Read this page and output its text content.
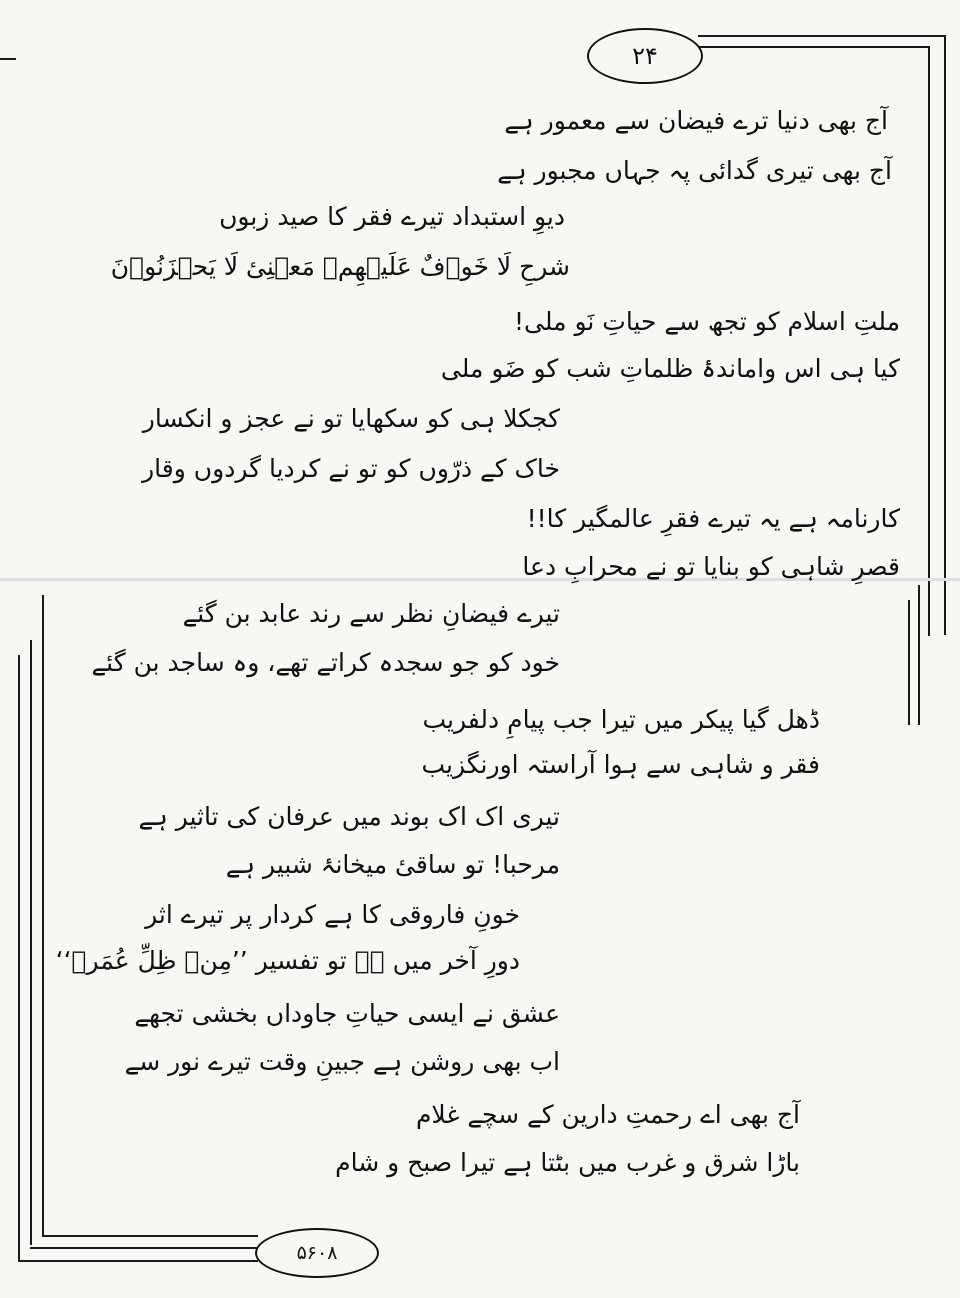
۲۴
۵۶۰۸
آج بھی دنیا ترے فیضان سے معمور ہے
آج بھی تیری گدائی پہ جہاں مجبور ہے
دیوِ استبداد تیرے فقر کا صید زبوں
شرحِ لَا خَوۡفٌ عَلَیۡهِمۡ مَعۡنِیٔ لَا یَحۡزَنُوۡنَ
ملتِ اسلام کو تجھ سے حیاتِ نَو ملی!
کیا ہی اس واماندۂ ظلماتِ شب کو ضَو ملی
کجکلا ہی کو سکھایا تو نے عجز و انکسار
خاک کے ذرّوں کو تو نے کردیا گردوں وقار
کارنامہ ہے یہ تیرے فقرِ عالمگیر کا!!
قصرِ شاہی کو بنایا تو نے محرابِ دعا
تیرے فیضانِ نظر سے رند عابد بن گئے
خود کو جو سجدہ کراتے تھے، وہ ساجد بن گئے
ڈھل گیا پیکر میں تیرا جب پیامِ دلفریب
فقر و شاہی سے ہوا آراستہ اورنگزیب
تیری اک اک بوند میں عرفان کی تاثیر ہے
مرحبا! تو ساقیٔ میخانۂ شبیر ہے
خونِ فاروقی کا ہے کردار پر تیرے اثر
دورِ آخر میں ہے تو تفسیر ’’مِنۡ ظِلِّ عُمَرۡ‘‘
عشق نے ایسی حیاتِ جاوداں بخشی تجھے
اب بھی روشن ہے جبینِ وقت تیرے نور سے
آج بھی اے رحمتِ دارین کے سچے غلام
باڑا شرق و غرب میں بٹتا ہے تیرا صبح و شام
